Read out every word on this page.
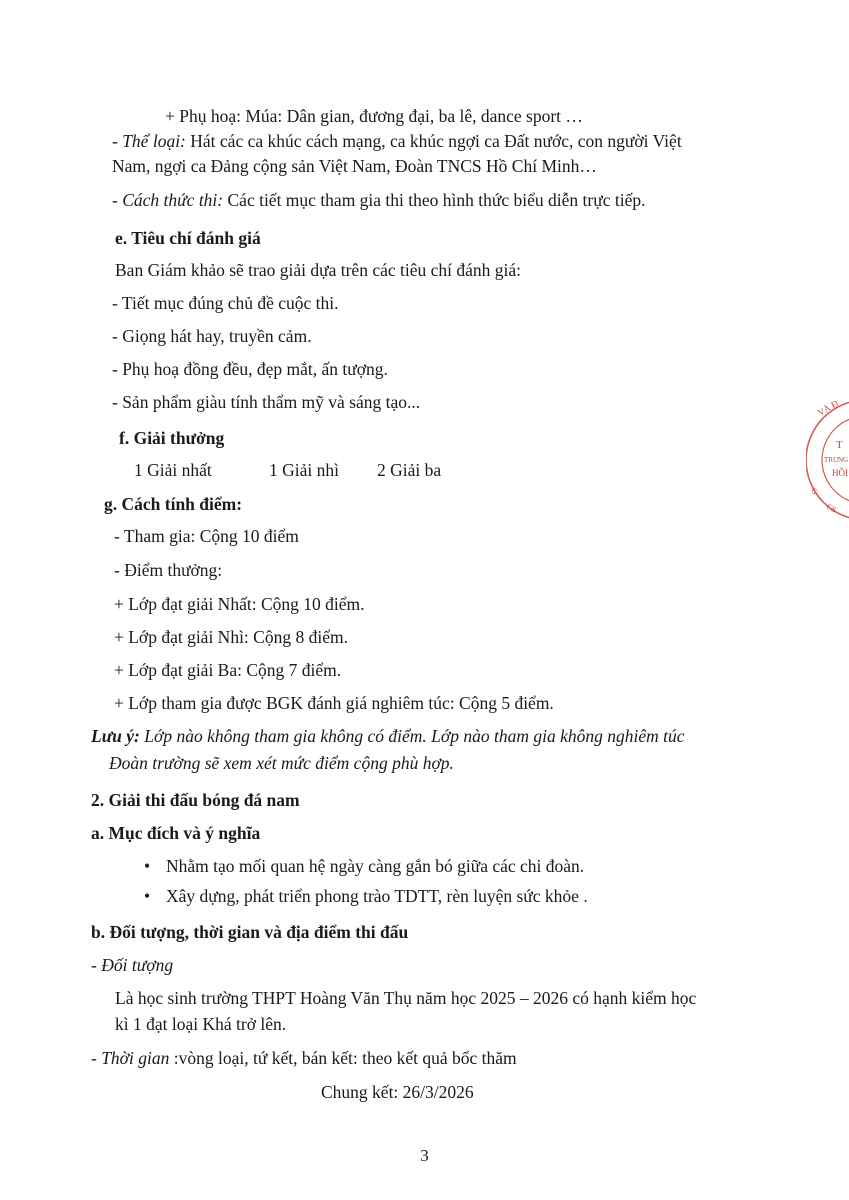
+ Phụ hoạ: Múa: Dân gian, đương đại, ba lê, dance sport …
- Thể loại: Hát các ca khúc cách mạng, ca khúc ngợi ca Đất nước, con người Việt
Nam, ngợi ca Đảng cộng sản Việt Nam, Đoàn TNCS Hồ Chí Minh…
- Cách thức thi: Các tiết mục tham gia thi theo hình thức biểu diễn trực tiếp.
e. Tiêu chí đánh giá
Ban Giám khảo sẽ trao giải dựa trên các tiêu chí đánh giá:
- Tiết mục đúng chủ đề cuộc thi.
- Giọng hát hay, truyền cảm.
- Phụ hoạ đồng đều, đẹp mắt, ấn tượng.
- Sản phẩm giàu tính thẩm mỹ và sáng tạo...
f. Giải thưởng
1 Giải nhất	1 Giải nhì 2 Giải ba
g. Cách tính điểm:
- Tham gia: Cộng 10 điểm
- Điểm thưởng:
+ Lớp đạt giải Nhất: Cộng 10 điểm.
+ Lớp đạt giải Nhì: Cộng 8 điểm.
+ Lớp đạt giải Ba: Cộng 7 điểm.
+ Lớp tham gia được BGK đánh giá nghiêm túc: Cộng 5 điểm.
Lưu ý: Lớp nào không tham gia không có điểm. Lớp nào tham gia không nghiêm túc
Đoàn trường sẽ xem xét mức điểm cộng phù hợp.
2. Giải thi đấu bóng đá nam
a. Mục đích và ý nghĩa
• Nhằm tạo mối quan hệ ngày càng gắn bó giữa các chi đoàn.
• Xây dựng, phát triển phong trào TDTT, rèn luyện sức khỏe .
b. Đối tượng, thời gian và địa điểm thi đấu
- Đối tượng
Là học sinh trường THPT Hoàng Văn Thụ năm học 2025 – 2026 có hạnh kiểm học
kì 1 đạt loại Khá trở lên.
- Thời gian :vòng loại, tứ kết, bán kết: theo kết quả bốc thăm
Chung kết: 26/3/2026
3
VÀ Đ
T
TRUNG
HỒI
G
CS
